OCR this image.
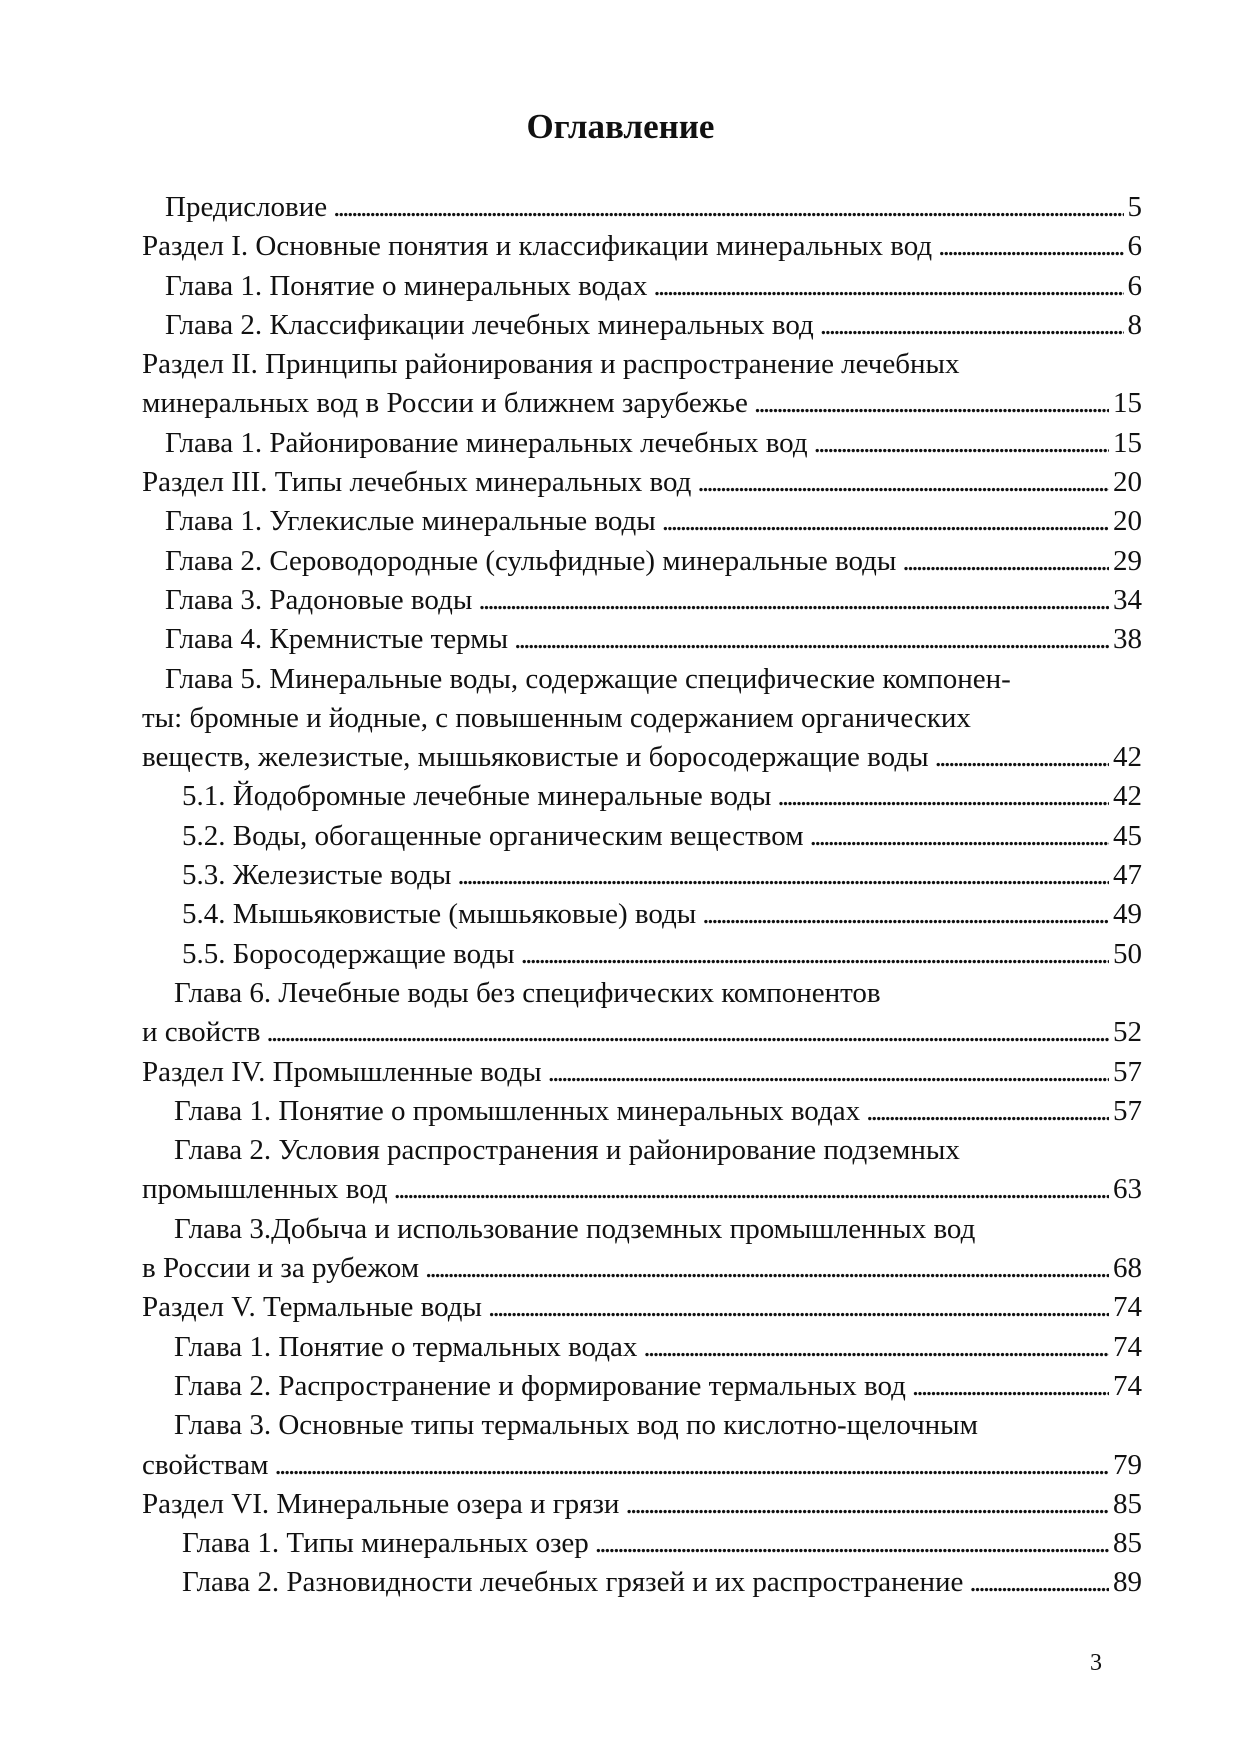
Оглавление
Предисловие . . .	5
Раздел I. Основные понятия и классификации минеральных вод . . .	6
Глава 1. Понятие о минеральных водах . . .	6
Глава 2. Классификации лечебных минеральных вод . . .	8
Раздел II. Принципы районирования и распространение лечебных
минеральных вод в России и ближнем зарубежье . . .	15
Глава 1. Районирование минеральных лечебных вод . . .	15
Раздел III. Типы лечебных минеральных вод . . .	20
Глава 1. Углекислые минеральные воды . . .	20
Глава 2. Сероводородные (сульфидные) минеральные воды . . .	29
Глава 3. Радоновые воды . . .	34
Глава 4. Кремнистые термы . . .	38
Глава 5. Минеральные воды, содержащие специфические компонен-
ты: бромные и йодные, с повышенным содержанием органических
веществ, железистые, мышьяковистые и боросодержащие воды . . .	42
5.1. Йодобромные лечебные минеральные воды . . .	42
5.2. Воды, обогащенные органическим веществом . . .	45
5.3. Железистые воды . . .	47
5.4. Мышьяковистые (мышьяковые) воды . . .	49
5.5. Боросодержащие воды . . .	50
Глава 6. Лечебные воды без специфических компонентов
и свойств . . .	52
Раздел IV. Промышленные воды . . .	57
Глава 1. Понятие о промышленных минеральных водах . . .	57
Глава 2. Условия распространения и районирование подземных
промышленных вод . . .	63
Глава 3.Добыча и использование подземных промышленных вод
в России и за рубежом . . .	68
Раздел V. Термальные воды . . .	74
Глава 1. Понятие о термальных водах . . .	74
Глава 2. Распространение и формирование термальных вод . . .	74
Глава 3. Основные типы термальных вод по кислотно-щелочным
свойствам . . .	79
Раздел VI. Минеральные озера и грязи . . .	85
Глава 1. Типы минеральных озер . . .	85
Глава 2. Разновидности лечебных грязей и их распространение . . .	89
3
